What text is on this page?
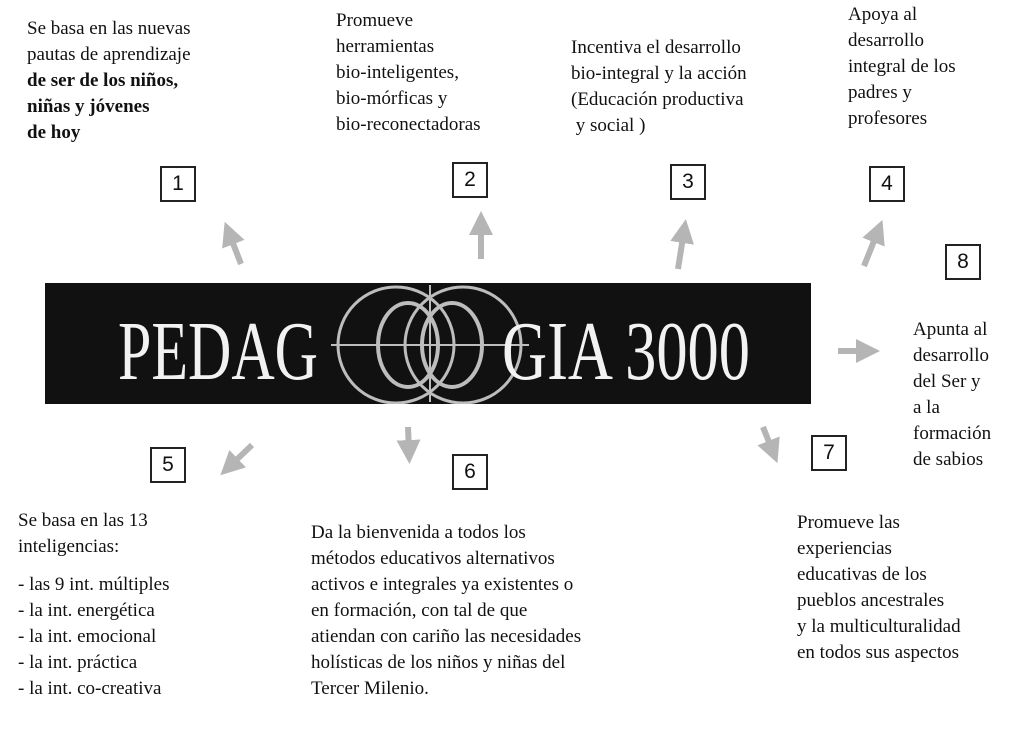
Se basa en las nuevas
pautas de aprendizaje
de ser de los niños,
niñas y jóvenes
de hoy
Promueve
herramientas
bio-inteligentes,
bio-mórficas y
bio-reconectadoras
Incentiva el desarrollo
bio-integral y la acción
(Educación productiva
y social )
Apoya al
desarrollo
integral de los
padres y
profesores
Se basa en las 13
inteligencias:
- las 9 int. múltiples
- la int. energética
- la int. emocional
- la int. práctica
- la int. co-creativa
Da la bienvenida a todos los
métodos educativos alternativos
activos e integrales ya existentes o
en formación, con tal de que
atiendan con cariño las necesidades
holísticas de los niños y niñas del
Tercer Milenio.
Promueve las
experiencias
educativas de los
pueblos ancestrales
y la multiculturalidad
en todos sus aspectos
Apunta al
desarrollo
del Ser y
a la
formación
de sabios
1	2	3	4
5	6
7
8
PEDAG GIA 3000
